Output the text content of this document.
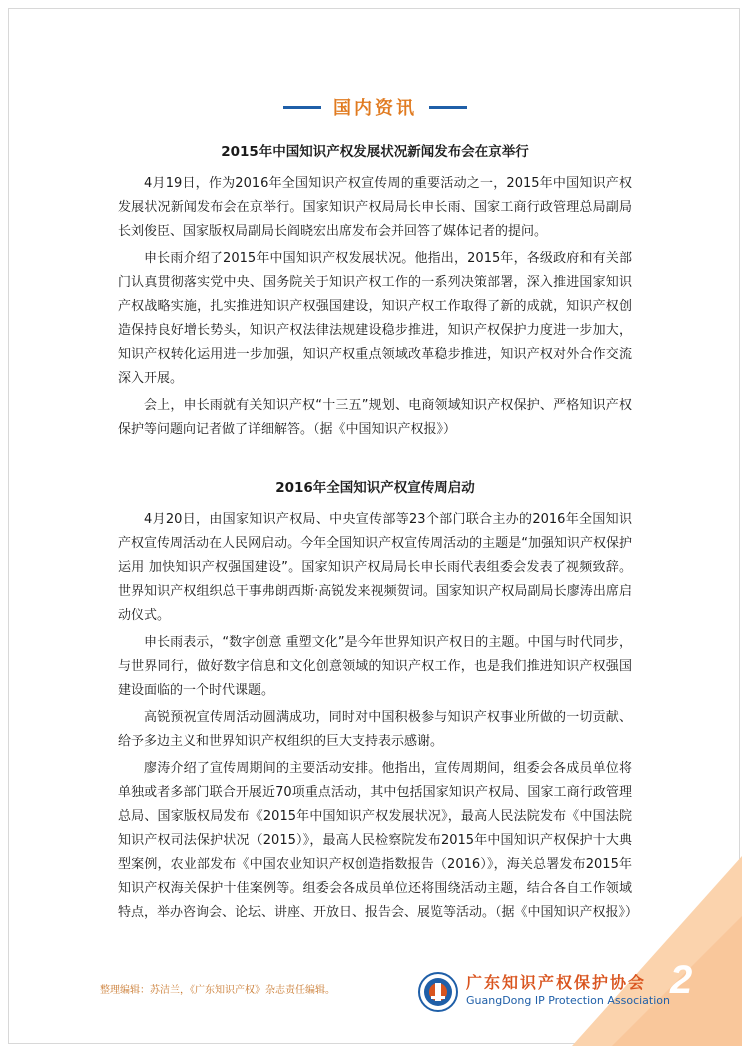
国内资讯
2015年中国知识产权发展状况新闻发布会在京举行

4月19日，作为2016年全国知识产权宣传周的重要活动之一，2015年中国知识产权发展状况新闻发布会在京举行。国家知识产权局局长申长雨、国家工商行政管理总局副局长刘俊臣、国家版权局副局长阎晓宏出席发布会并回答了媒体记者的提问。

申长雨介绍了2015年中国知识产权发展状况。他指出，2015年，各级政府和有关部门认真贯彻落实党中央、国务院关于知识产权工作的一系列决策部署，深入推进国家知识产权战略实施，扎实推进知识产权强国建设，知识产权工作取得了新的成就，知识产权创造保持良好增长势头，知识产权法律法规建设稳步推进，知识产权保护力度进一步加大，知识产权转化运用进一步加强，知识产权重点领域改革稳步推进，知识产权对外合作交流深入开展。

会上，申长雨就有关知识产权“十三五”规划、电商领域知识产权保护、严格知识产权保护等问题向记者做了详细解答。（据《中国知识产权报》）

2016年全国知识产权宣传周启动

4月20日，由国家知识产权局、中央宣传部等23个部门联合主办的2016年全国知识产权宣传周活动在人民网启动。今年全国知识产权宣传周活动的主题是“加强知识产权保护运用 加快知识产权强国建设”。国家知识产权局局长申长雨代表组委会发表了视频致辞。世界知识产权组织总干事弗朗西斯·高锐发来视频贺词。国家知识产权局副局长廖涛出席启动仪式。

申长雨表示，“数字创意 重塑文化”是今年世界知识产权日的主题。中国与时代同步，与世界同行，做好数字信息和文化创意领域的知识产权工作，也是我们推进知识产权强国建设面临的一个时代课题。

高锐预祝宣传周活动圆满成功，同时对中国积极参与知识产权事业所做的一切贡献、给予多边主义和世界知识产权组织的巨大支持表示感谢。

廖涛介绍了宣传周期间的主要活动安排。他指出，宣传周期间，组委会各成员单位将单独或者多部门联合开展近70项重点活动，其中包括国家知识产权局、国家工商行政管理总局、国家版权局发布《2015年中国知识产权发展状况》，最高人民法院发布《中国法院知识产权司法保护状况（2015）》，最高人民检察院发布2015年中国知识产权保护十大典型案例，农业部发布《中国农业知识产权创造指数报告（2016）》，海关总署发布2015年知识产权海关保护十佳案例等。组委会各成员单位还将围绕活动主题，结合各自工作领域特点，举办咨询会、论坛、讲座、开放日、报告会、展览等活动。（据《中国知识产权报》）

整理编辑：苏洁兰，《广东知识产权》杂志责任编辑。	广东知识产权保护协会
GuangDong IP Protection Association 2
